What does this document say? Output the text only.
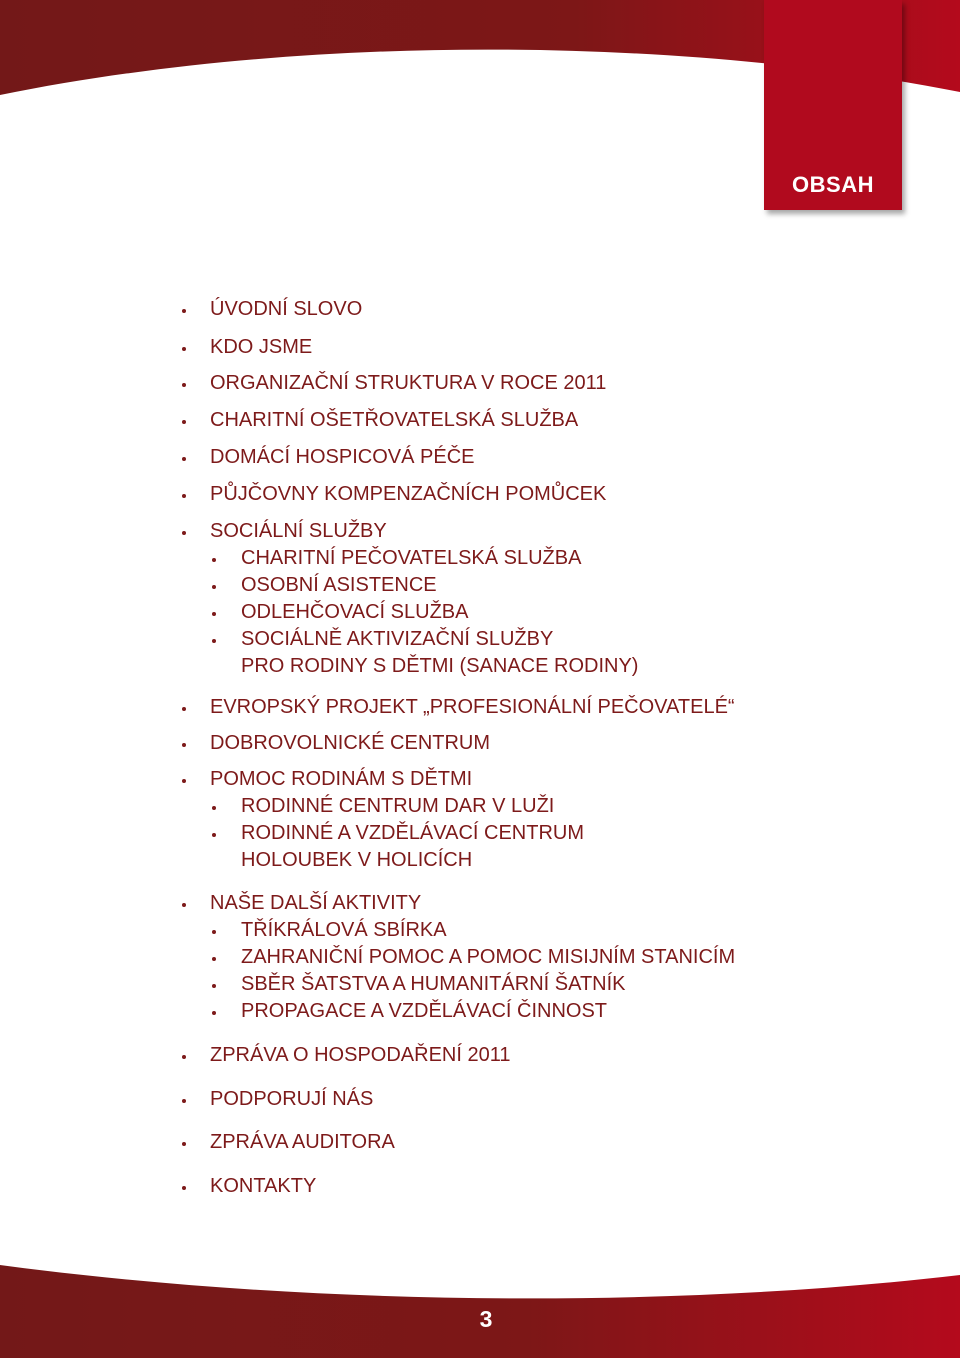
OBSAH
ÚVODNÍ SLOVO
KDO JSME
ORGANIZAČNÍ STRUKTURA V ROCE 2011
CHARITNÍ OŠETŘOVATELSKÁ SLUŽBA
DOMÁCÍ HOSPICOVÁ PÉČE
PŮJČOVNY KOMPENZAČNÍCH POMŮCEK
SOCIÁLNÍ SLUŽBY
CHARITNÍ PEČOVATELSKÁ SLUŽBA
OSOBNÍ ASISTENCE
ODLEHČOVACÍ SLUŽBA
SOCIÁLNĚ AKTIVIZAČNÍ SLUŽBY
PRO RODINY S DĚTMI (SANACE RODINY)
EVROPSKÝ PROJEKT „PROFESIONÁLNÍ PEČOVATELÉ“
DOBROVOLNICKÉ CENTRUM
POMOC RODINÁM S DĚTMI
RODINNÉ CENTRUM DAR V LUŽI
RODINNÉ A VZDĚLÁVACÍ CENTRUM
HOLOUBEK V HOLICÍCH
NAŠE DALŠÍ AKTIVITY
TŘÍKRÁLOVÁ SBÍRKA
ZAHRANIČNÍ POMOC A POMOC MISIJNÍM STANICÍM
SBĚR ŠATSTVA A HUMANITÁRNÍ ŠATNÍK
PROPAGACE A VZDĚLÁVACÍ ČINNOST
ZPRÁVA O HOSPODAŘENÍ 2011
PODPORUJÍ NÁS
ZPRÁVA AUDITORA
KONTAKTY
3
